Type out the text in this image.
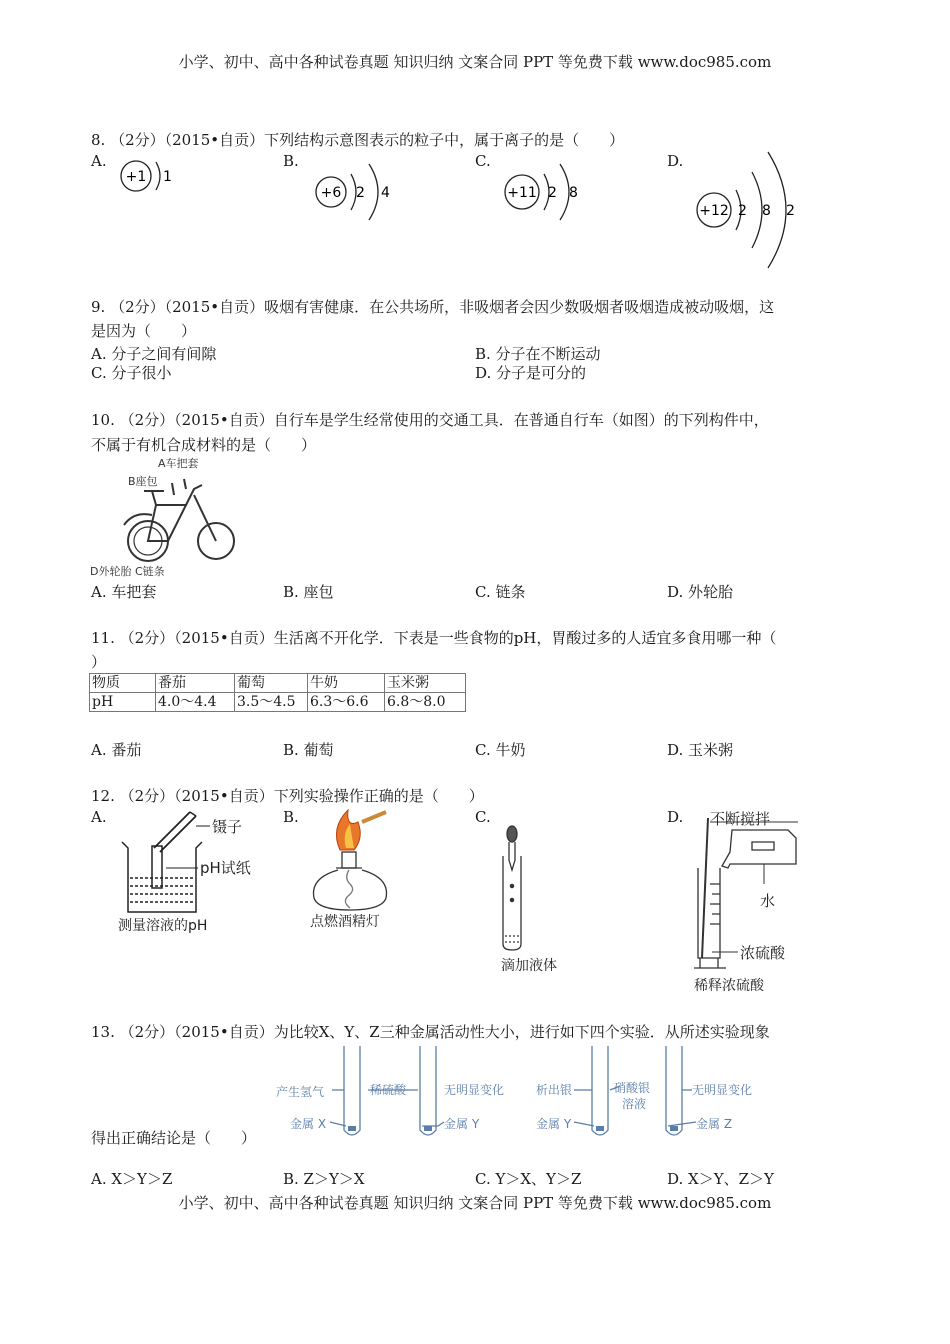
小学、初中、高中各种试卷真题 知识归纳 文案合同 PPT 等免费下载 www.doc985.com
8. （2分）（2015•自贡）下列结构示意图表示的粒子中，属于离子的是（　　）
A.	B.	C.	D.
+1 1
+6 2 4	+11 2 8
+12 2 8 2
9. （2分）（2015•自贡）吸烟有害健康．在公共场所，非吸烟者会因少数吸烟者吸烟造成被动吸烟，这
是因为（　　）
A. 分子之间有间隙	B. 分子在不断运动
C. 分子很小	D. 分子是可分的
10. （2分）（2015•自贡）自行车是学生经常使用的交通工具．在普通自行车（如图）的下列构件中，
不属于有机合成材料的是（　　）
A车把套
B座包
D外轮胎 C链条
A. 车把套	B. 座包	C. 链条	D. 外轮胎
11. （2分）（2015•自贡）生活离不开化学．下表是一些食物的pH，胃酸过多的人适宜多食用哪一种（
）
物质	番茄	葡萄	牛奶	玉米粥
pH	4.0～4.4	3.5～4.5	6.3～6.6	6.8～8.0
A. 番茄	B. 葡萄	C. 牛奶	D. 玉米粥
12. （2分）（2015•自贡）下列实验操作正确的是（　　）
A.	B.	C.	D.
镊子
pH试纸
测量溶液的pH	点燃酒精灯
滴加液体
不断搅拌
水
浓硫酸
稀释浓硫酸
13. （2分）（2015•自贡）为比较X、Y、Z三种金属活动性大小，进行如下四个实验．从所述实验现象
产生氢气
金属 X
稀硫酸	无明显变化
金属 Y
析出银
金属 Y
硝酸银
溶液
无明显变化
金属 Z
得出正确结论是（　　）
A. X＞Y＞Z	B. Z＞Y＞X	C. Y＞X、Y＞Z	D. X＞Y、Z＞Y
小学、初中、高中各种试卷真题 知识归纳 文案合同 PPT 等免费下载 www.doc985.com
